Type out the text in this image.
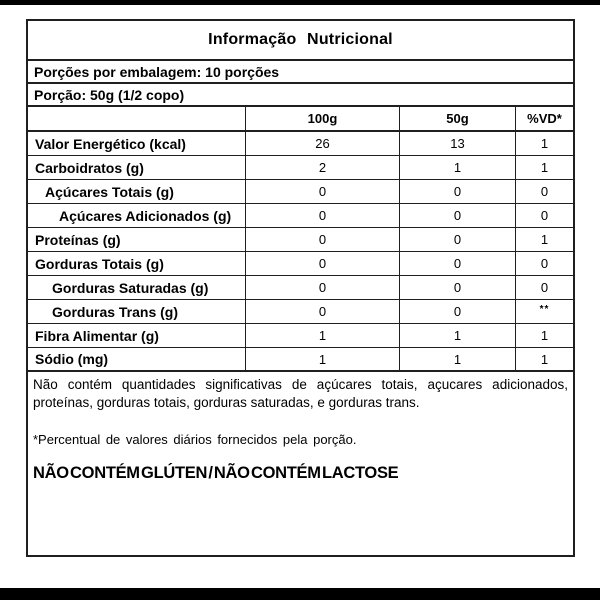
Informação Nutricional
Porções por embalagem: 10 porções
Porção: 50g (1/2 copo)
100g	50g	%VD*
Valor Energético (kcal)	26	13	1
Carboidratos (g)	2	1	1
Açúcares Totais (g)	0	0	0
Açúcares Adicionados (g)	0	0	0
Proteínas (g)	0	0	1
Gorduras Totais (g)	0	0	0
Gorduras Saturadas (g)	0	0	0
Gorduras Trans (g)	0	0	**
Fibra Alimentar (g)	1	1	1
Sódio (mg)	1	1	1
Não contém quantidades significativas de açúcares totais, açucares adicionados, proteínas, gorduras totais, gorduras saturadas, e gorduras trans.
*Percentual de valores diários fornecidos pela porção.
NÃO CONTÉM GLÚTEN / NÃO CONTÉM LACTOSE
